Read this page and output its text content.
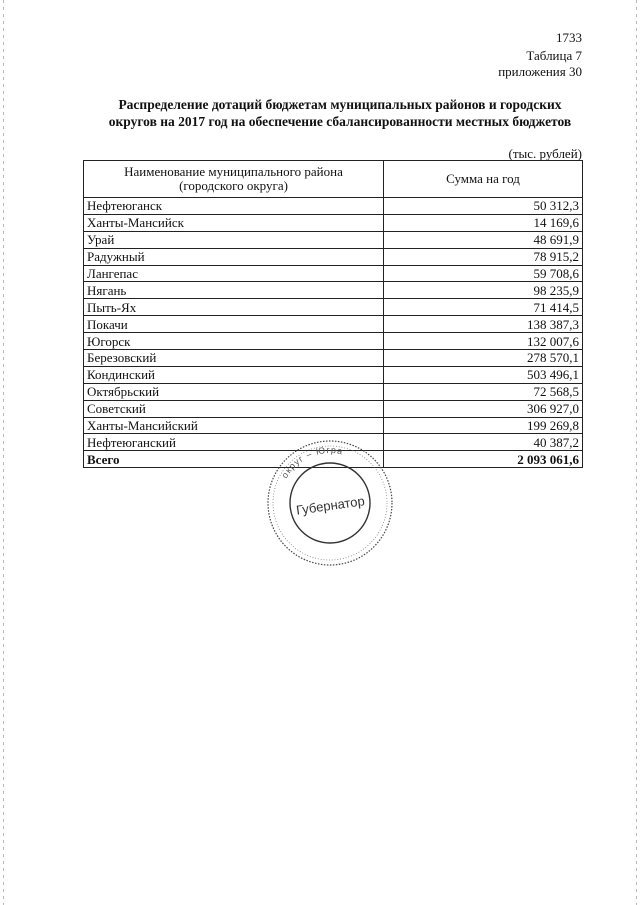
1733
Таблица 7
приложения 30
Распределение дотаций бюджетам муниципальных районов и городских
округов на 2017 год на обеспечение сбалансированности местных бюджетов
(тыс. рублей)
Наименование муниципального района
(городского округа)	Сумма на год
Нефтеюганск	50 312,3
Ханты-Мансийск	14 169,6
Урай	48 691,9
Радужный	78 915,2
Лангепас	59 708,6
Нягань	98 235,9
Пыть-Ях	71 414,5
Покачи	138 387,3
Югорск	132 007,6
Березовский	278 570,1
Кондинский	503 496,1
Октябрьский	72 568,5
Советский	306 927,0
Ханты-Мансийский	199 269,8
Нефтеюганский	40 387,2
Всего	2 093 061,6
округ – Югра
Губернатор
